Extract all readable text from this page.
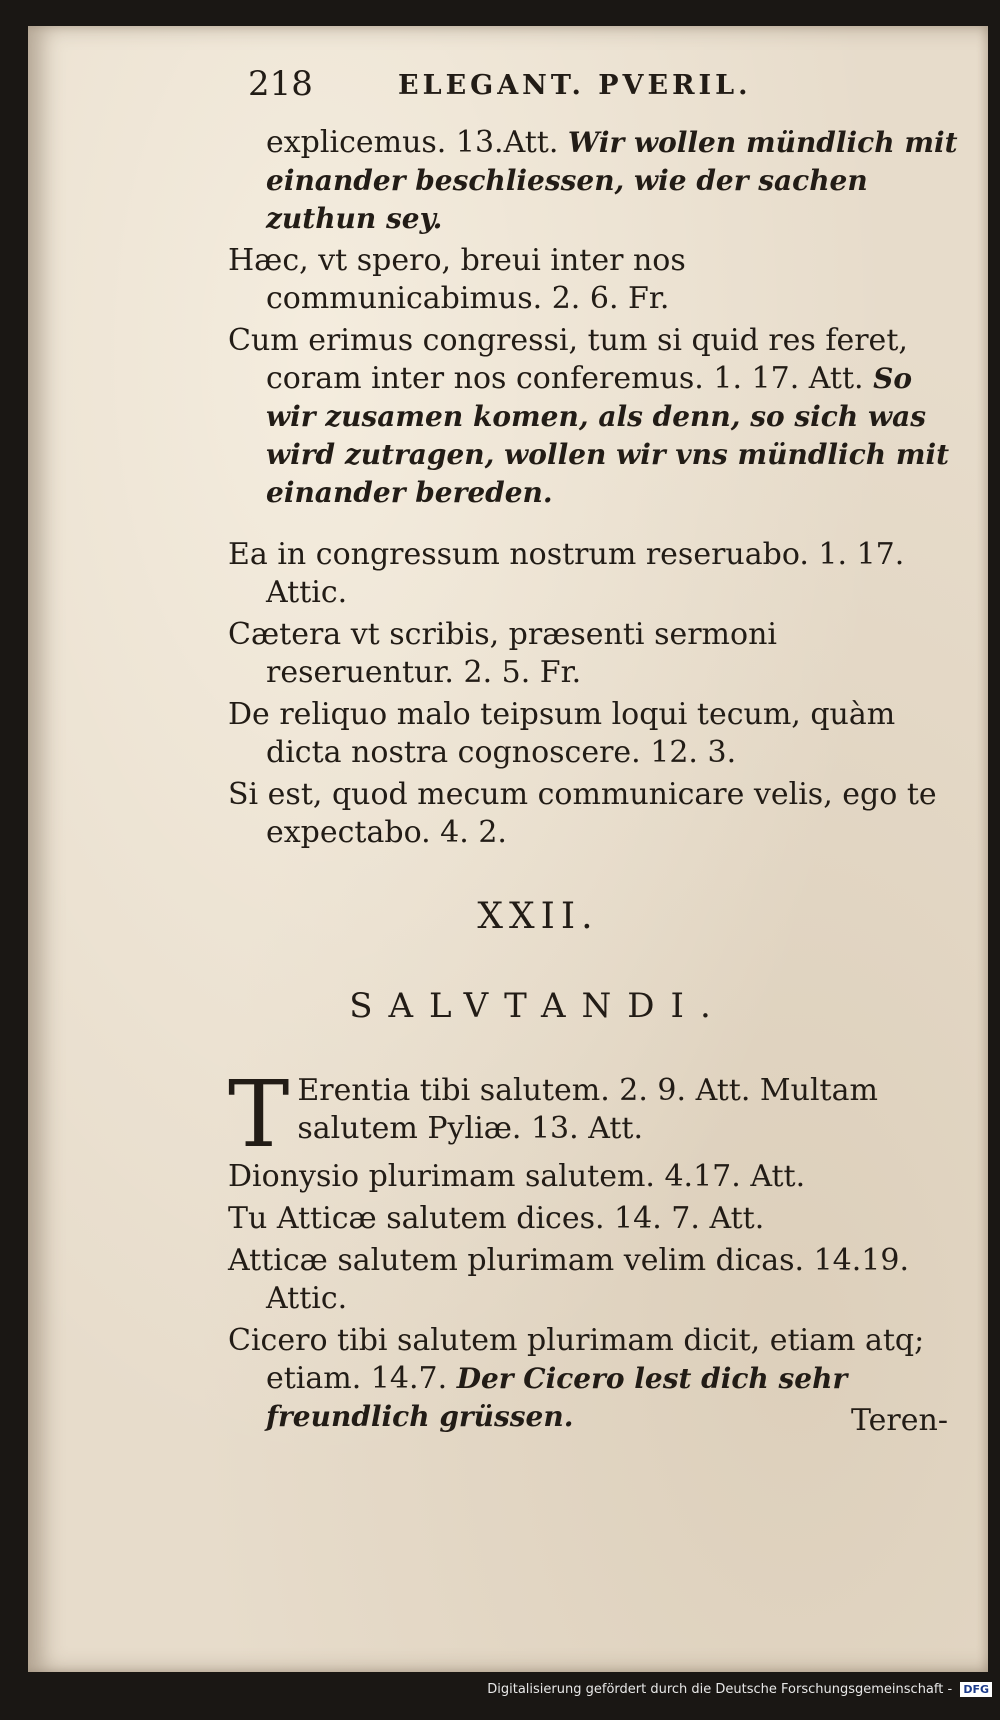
218	ELEGANT. PVERIL.
explicemus. 13.Att. Wir wollen mündlich mit einander beschliessen, wie der sachen zuthun sey.
Hæc, vt spero, breui inter nos communicabimus. 2. 6. Fr.
Cum erimus congressi, tum si quid res feret, coram inter nos conferemus. 1. 17. Att. So wir zusamen komen, als denn, so sich was wird zutragen, wollen wir vns mündlich mit einander bereden.
Ea in congressum nostrum reseruabo. 1. 17. Attic.
Cætera vt scribis, præsenti sermoni reseruentur. 2. 5. Fr.
De reliquo malo teipsum loqui tecum, quàm dicta nostra cognoscere. 12. 3.
Si est, quod mecum communicare velis, ego te expectabo. 4. 2.
XXII.
SALVTANDI.
T Erentia tibi salutem. 2. 9. Att. Multam salutem Pyliæ. 13. Att.
Dionysio plurimam salutem. 4.17. Att.
Tu Atticæ salutem dices. 14. 7. Att.
Atticæ salutem plurimam velim dicas. 14.19. Attic.
Cicero tibi salutem plurimam dicit, etiam atq; etiam. 14.7. Der Cicero lest dich sehr freundlich grüssen.	Teren-
Digitalisierung gefördert durch die Deutsche Forschungsgemeinschaft - DFG
